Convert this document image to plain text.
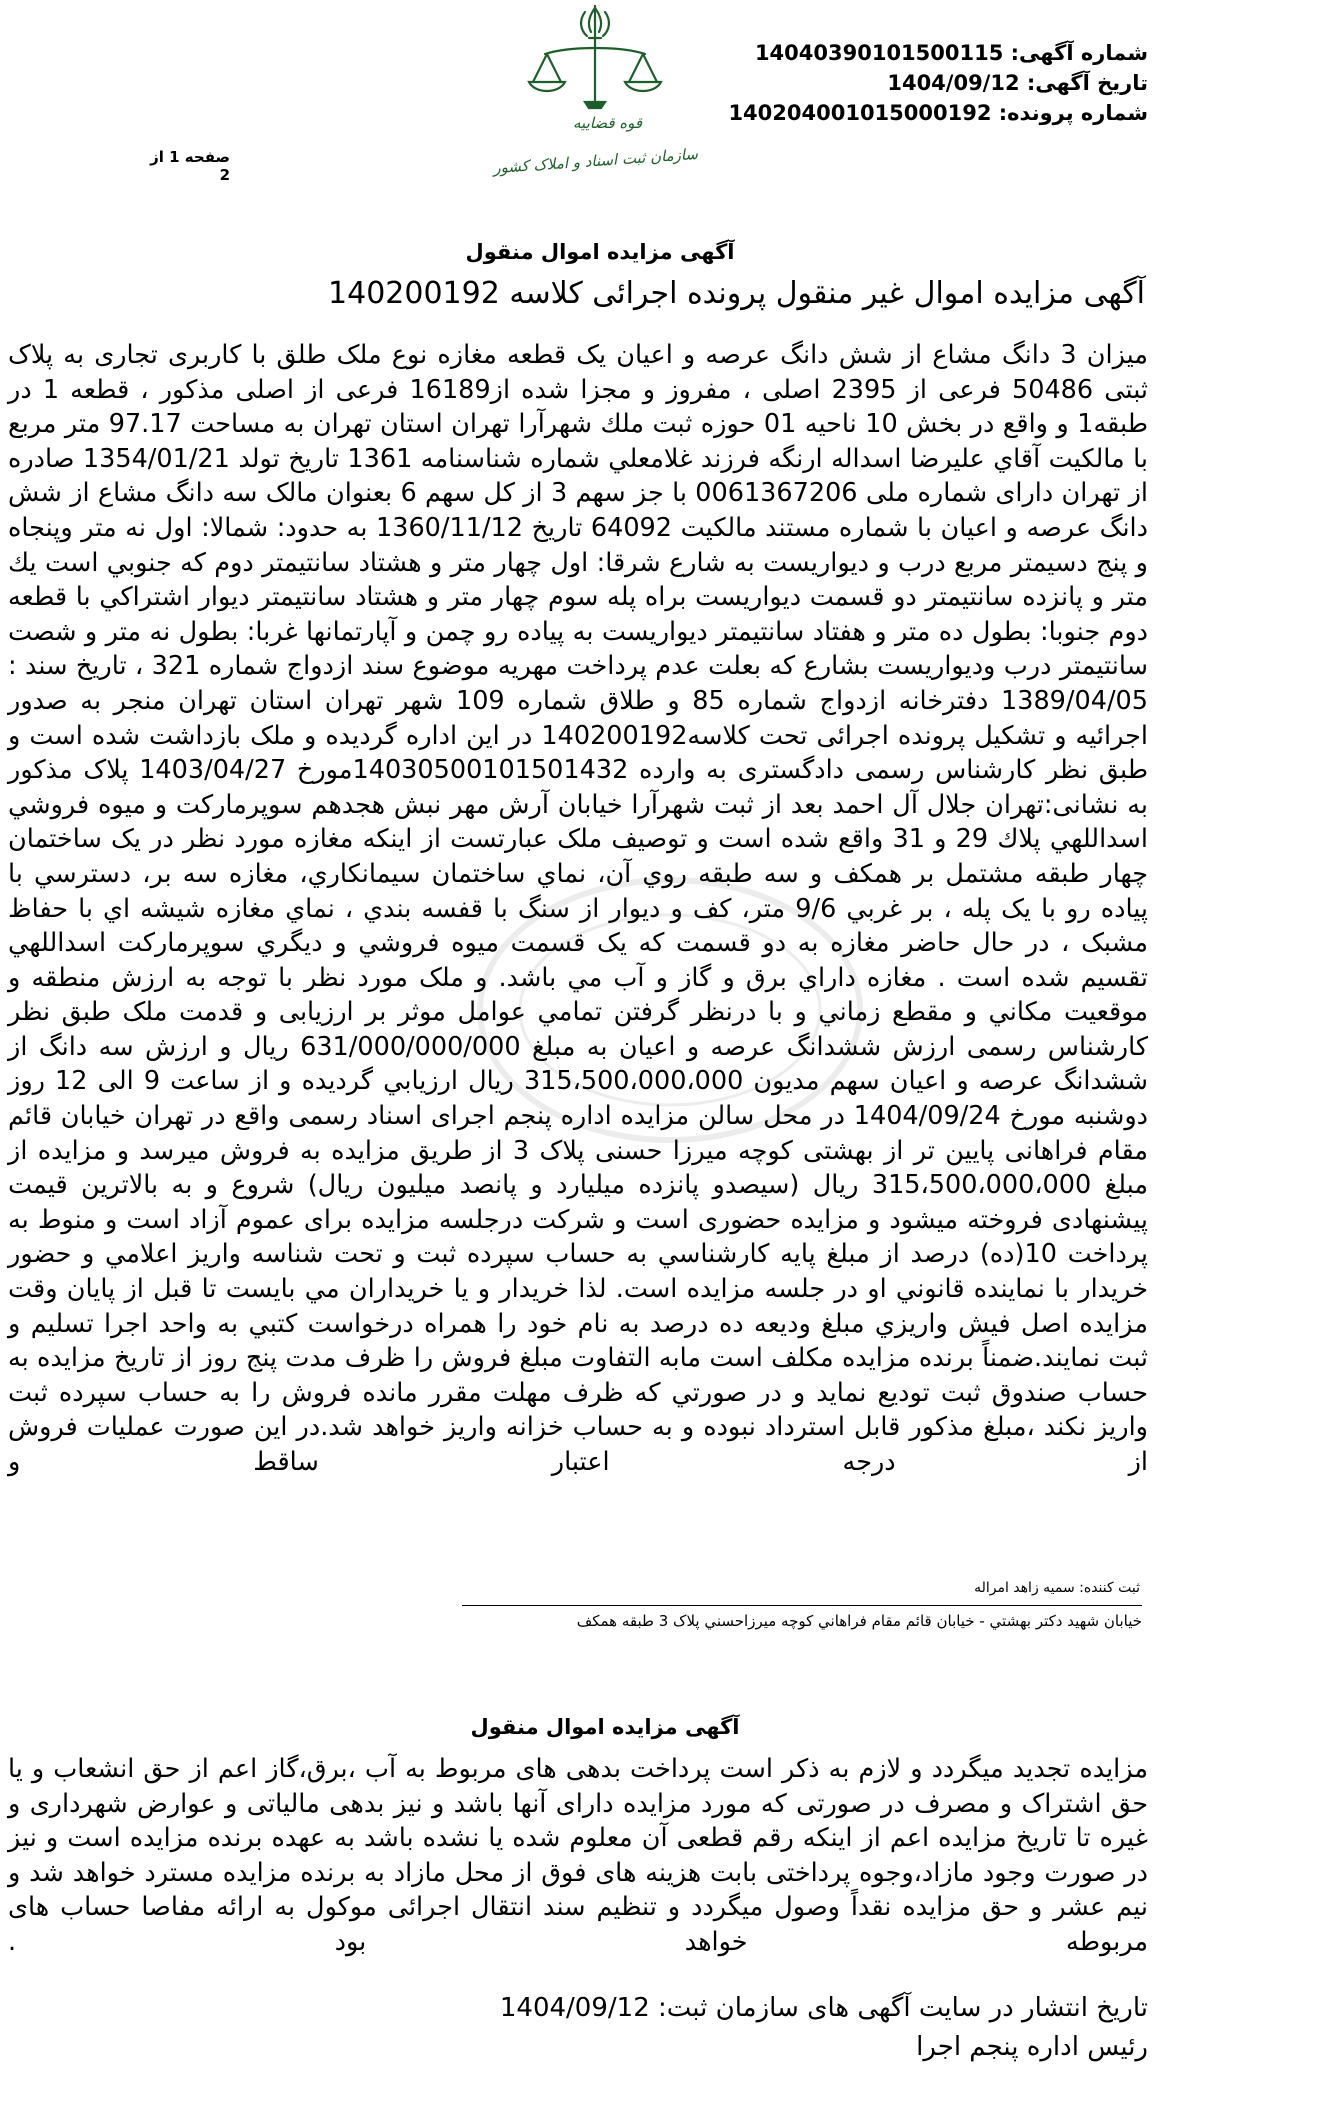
شماره آگهی: 14040390101500115
تاریخ آگهی: 1404/09/12
شماره پرونده: 140204001015000192
صفحه 1 از 2
قوه قضاییه
سازمان ثبت اسناد و املاک کشور
آگهی مزایده اموال منقول
آگهی مزایده اموال غیر منقول پرونده اجرائی کلاسه 140200192

میزان 3 دانگ مشاع از شش دانگ عرصه و اعیان یک قطعه مغازه نوع ملک طلق با کاربری تجاری به پلاک ثبتی 50486 فرعی از 2395 اصلی ، مفروز و مجزا شده از16189 فرعی از اصلی مذکور ، قطعه 1 در طبقه1 و واقع در بخش 10 ناحیه 01 حوزه ثبت ملك شهرآرا تهران استان تهران به مساحت 97.17 متر مربع با مالکیت آقاي علیرضا اسداله ارنگه فرزند غلامعلي شماره شناسنامه 1361 تاریخ تولد 1354/01/21 صادره از تهران دارای شماره ملی 0061367206 با جز سهم 3 از کل سهم 6 بعنوان مالک سه دانگ مشاع از شش دانگ عرصه و اعیان با شماره مستند مالکیت 64092 تاریخ 1360/11/12 به حدود: شمالا: اول نه متر وپنجاه و پنج دسیمتر مربع درب و دیواریست به شارع شرقا: اول چهار متر و هشتاد سانتیمتر دوم که جنوبي است يك متر و پانزده سانتیمتر دو قسمت دیواریست براه پله سوم چهار متر و هشتاد سانتیمتر دیوار اشتراكي با قطعه دوم جنوبا: بطول ده متر و هفتاد سانتیمتر دیواریست به پیاده رو چمن و آپارتمانها غربا: بطول نه متر و شصت سانتیمتر درب ودیواریست بشارع که بعلت عدم پرداخت مهریه موضوع سند ازدواج شماره 321 ، تاریخ سند : 1389/04/05 دفترخانه ازدواج شماره 85 و طلاق شماره 109 شهر تهران استان تهران منجر به صدور اجرائیه و تشکیل پرونده اجرائی تحت کلاسه140200192 در این اداره گردیده و ملک بازداشت شده است و طبق نظر کارشناس رسمی دادگستری به وارده 14030500101501432مورخ 1403/04/27 پلاک مذکور به نشانی:تهران جلال آل احمد بعد از ثبت شهرآرا خیابان آرش مهر نبش هجدهم سوپرمارکت و میوه فروشي اسداللهي پلاك 29 و 31 واقع شده است و توصیف ملک عبارتست از اینکه مغازه مورد نظر در یک ساختمان چهار طبقه مشتمل بر همکف و سه طبقه روي آن، نماي ساختمان سیمانكاري، مغازه سه بر، دسترسي با پیاده رو با یک پله ، بر غربي 9/6 متر، کف و دیوار از سنگ با قفسه بندي ، نماي مغازه شیشه اي با حفاظ مشبک ، در حال حاضر مغازه به دو قسمت که یک قسمت میوه فروشي و دیگري سوپرمارکت اسداللهي تقسیم شده است . مغازه داراي برق و گاز و آب مي باشد. و ملک مورد نظر با توجه به ارزش منطقه و موقعیت مكاني و مقطع زماني و با درنظر گرفتن تمامي عوامل موثر بر ارزیابی و قدمت ملک طبق نظر کارشناس رسمی ارزش ششدانگ عرصه و اعیان به مبلغ 631/000/000/000 ریال و ارزش سه دانگ از ششدانگ عرصه و اعیان سهم مدیون 315،500،000،000 ریال ارزیابي گردیده و از ساعت 9 الی 12 روز دوشنبه مورخ 1404/09/24 در محل سالن مزایده اداره پنجم اجرای اسناد رسمی واقع در تهران خیابان قائم مقام فراهانی پایین تر از بهشتی کوچه میرزا حسنی پلاک 3 از طریق مزایده به فروش میرسد و مزایده از مبلغ 315،500،000،000 ریال (سیصدو پانزده میلیارد و پانصد میلیون ریال) شروع و به بالاترین قیمت پیشنهادی فروخته میشود و مزایده حضوری است و شرکت درجلسه مزایده برای عموم آزاد است و منوط به پرداخت 10(ده) درصد از مبلغ پایه کارشناسي به حساب سپرده ثبت و تحت شناسه واریز اعلامي و حضور خریدار با نماینده قانوني او در جلسه مزایده است. لذا خریدار و یا خریداران مي بایست تا قبل از پایان وقت مزایده اصل فیش واریزي مبلغ ودیعه ده درصد به نام خود را همراه درخواست کتبي به واحد اجرا تسلیم و ثبت نمایند.ضمناً برنده مزایده مکلف است مابه التفاوت مبلغ فروش را ظرف مدت پنج روز از تاریخ مزایده به حساب صندوق ثبت تودیع نماید و در صورتي که ظرف مهلت مقرر مانده فروش را به حساب سپرده ثبت واریز نکند ،مبلغ مذکور قابل استرداد نبوده و به حساب خزانه واریز خواهد شد.در این صورت عملیات فروش از درجه اعتبار ساقط و

ثبت کننده: سمیه زاهد امراله
خیابان شهید دکتر بهشتي - خیابان قائم مقام فراهاني کوچه میرزاحسني پلاک 3 طبقه همکف
آگهی مزایده اموال منقول

مزایده تجدید میگردد و لازم به ذکر است پرداخت بدهی های مربوط به آب ،برق،گاز اعم از حق انشعاب و یا حق اشتراک و مصرف در صورتی که مورد مزایده دارای آنها باشد و نیز بدهی مالیاتی و عوارض شهرداری و غیره تا تاریخ مزایده اعم از اینکه رقم قطعی آن معلوم شده یا نشده باشد به عهده برنده مزایده است و نیز در صورت وجود مازاد،وجوه پرداختی بابت هزینه های فوق از محل مازاد به برنده مزایده مسترد خواهد شد و نیم عشر و حق مزایده نقداً وصول میگردد و تنظیم سند انتقال اجرائی موکول به ارائه مفاصا حساب های مربوطه خواهد بود .

تاریخ انتشار در سایت آگهی های سازمان ثبت: 1404/09/12
رئیس اداره پنجم اجرا
